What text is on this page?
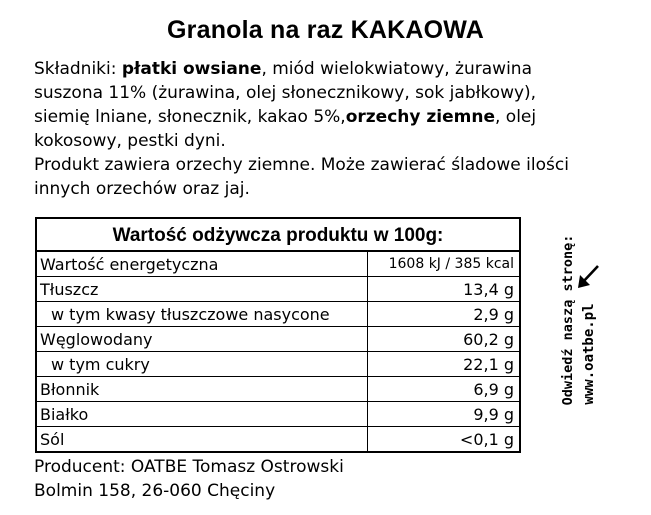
Granola na raz KAKAOWA

Składniki: płatki owsiane, miód wielokwiatowy, żurawina suszona 11% (żurawina, olej słonecznikowy, sok jabłkowy), siemię lniane, słonecznik, kakao 5%,orzechy ziemne, olej kokosowy, pestki dyni.

Produkt zawiera orzechy ziemne. Może zawierać śladowe ilości innych orzechów oraz jaj.

Wartość odżywcza produktu w 100g:
Wartość energetyczna	1608 kJ / 385 kcal
Tłuszcz	13,4 g
w tym kwasy tłuszczowe nasycone	2,9 g
Węglowodany	60,2 g
w tym cukry	22,1 g
Błonnik	6,9 g
Białko	9,9 g
Sól	<0,1 g
Producent: OATBE Tomasz Ostrowski
Bolmin 158, 26-060 Chęciny
Odwiedź naszą stronę: www.oatbe.pl
